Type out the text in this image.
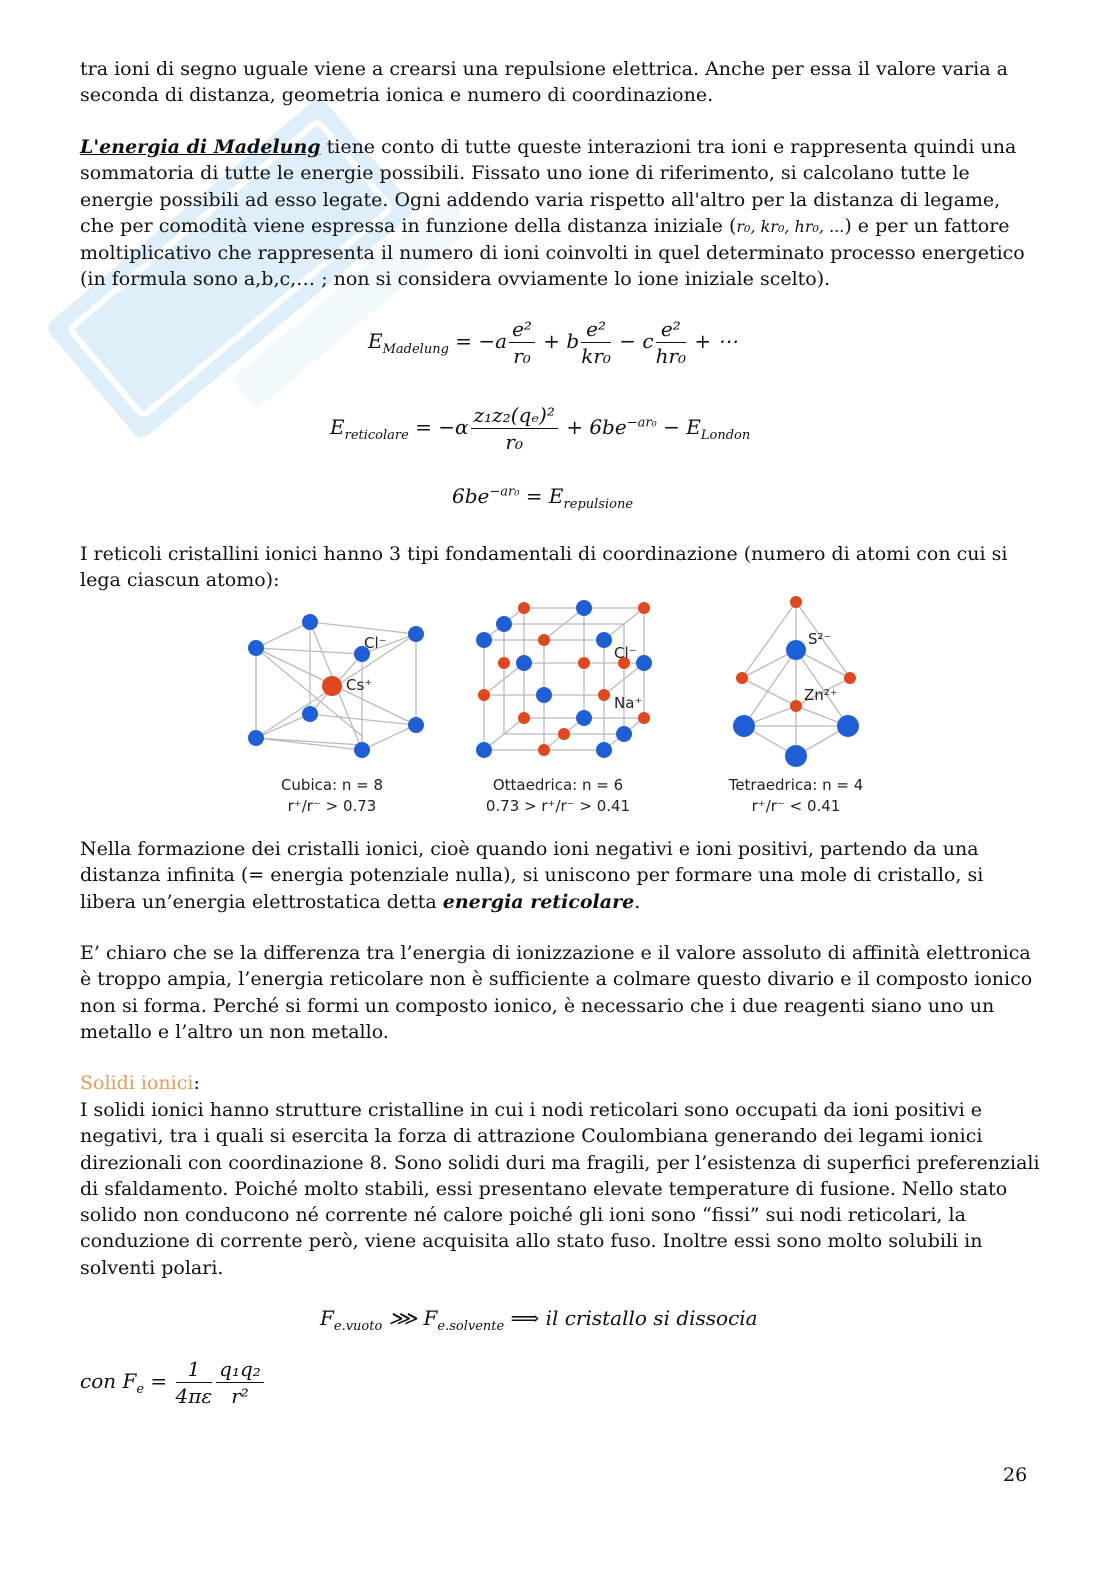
tra ioni di segno uguale viene a crearsi una repulsione elettrica. Anche per essa il valore varia a seconda di distanza, geometria ionica e numero di coordinazione.

L'energia di Madelung tiene conto di tutte queste interazioni tra ioni e rappresenta quindi una sommatoria di tutte le energie possibili. Fissato uno ione di riferimento, si calcolano tutte le energie possibili ad esso legate. Ogni addendo varia rispetto all'altro per la distanza di legame, che per comodità viene espressa in funzione della distanza iniziale (r₀, kr₀, hr₀, ...) e per un fattore moltiplicativo che rappresenta il numero di ioni coinvolti in quel determinato processo energetico (in formula sono a,b,c,… ; non si considera ovviamente lo ione iniziale scelto).

$E_{Madelung} = -a \frac{\text{e²}}{\text{r₀}} + b \frac{\text{e²}}{\text{kr₀}} - c \frac{\text{e²}}{\text{hr₀}}$ + ⋯
$E_{reticolare} = -\alpha \frac{\text{z₁z₂(qₑ)²}}{\text{r₀}} + 6be^{-ar_0} - E_{London}$
$6be^{-ar_0} = E_{repulsione}$

I reticoli cristallini ionici hanno 3 tipi fondamentali di coordinazione (numero di atomi con cui si lega ciascun atomo):

Cl⁻
Cs⁺
Cl⁻
Na⁺
S²⁻
Zn²⁺
Cubica: n = 8
r⁺/r⁻ > 0.73
Ottaedrica: n = 6
0.73 > r⁺/r⁻ > 0.41
Tetraedrica: n = 4
r⁺/r⁻ < 0.41

Nella formazione dei cristalli ionici, cioè quando ioni negativi e ioni positivi, partendo da una distanza infinita (= energia potenziale nulla), si uniscono per formare una mole di cristallo, si libera un’energia elettrostatica detta energia reticolare.

E’ chiaro che se la differenza tra l’energia di ionizzazione e il valore assoluto di affinità elettronica è troppo ampia, l’energia reticolare non è sufficiente a colmare questo divario e il composto ionico non si forma. Perché si formi un composto ionico, è necessario che i due reagenti siano uno un metallo e l’altro un non metallo.

Solidi ionici:

I solidi ionici hanno strutture cristalline in cui i nodi reticolari sono occupati da ioni positivi e negativi, tra i quali si esercita la forza di attrazione Coulombiana generando dei legami ionici direzionali con coordinazione 8. Sono solidi duri ma fragili, per l’esistenza di superfici preferenziali di sfaldamento. Poiché molto stabili, essi presentano elevate temperature di fusione. Nello stato solido non conducono né corrente né calore poiché gli ioni sono “fissi” sui nodi reticolari, la conduzione di corrente però, viene acquisita allo stato fuso. Inoltre essi sono molto solubili in solventi polari.

$F_{e.vuoto}$ ⋙ $F_{e.solvente}$ ⟹ il cristallo si dissocia
con $F_e = \frac{1}{4\pi\varepsilon} \frac{\text{q₁q₂}}{\text{r²}}$
26
